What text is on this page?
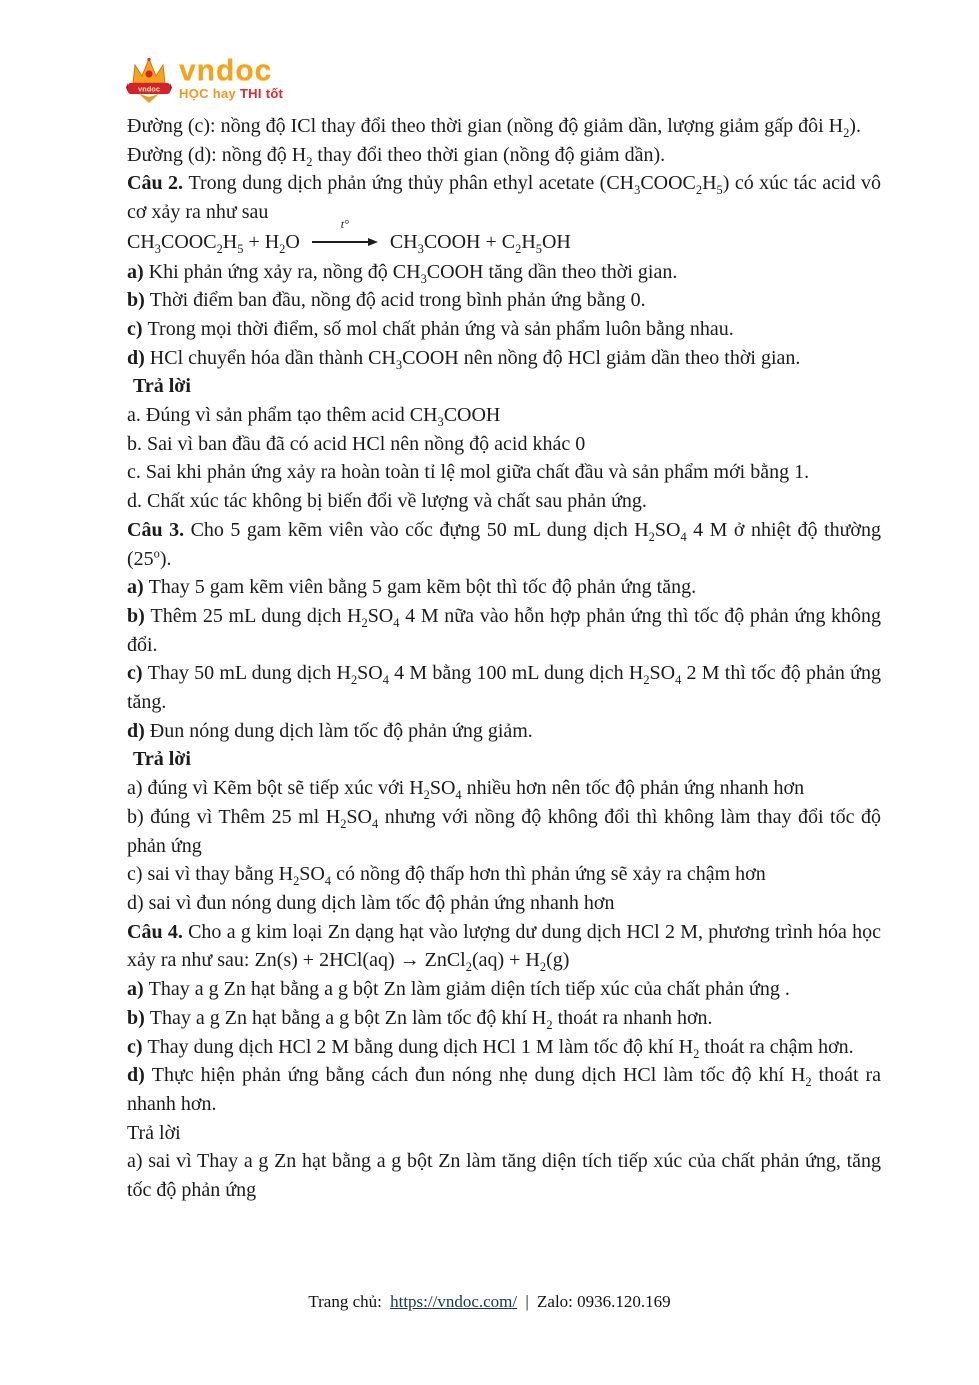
vndoc
vndoc
HỌC hay THI tốt
Đường (c): nồng độ ICl thay đổi theo thời gian (nồng độ giảm dần, lượng giảm gấp đôi $H_2$).
Đường (d): nồng độ $H_2$ thay đổi theo thời gian (nồng độ giảm dần).
Câu 2. Trong dung dịch phản ứng thủy phân ethyl acetate $(CH_3COOC_2H_5)$ có xúc tác acid vô cơ xảy ra như sau
$CH_3COOC_2H_5 + H_2O$
t°
$CH_3COOH + C_2H_5OH$
a) Khi phản ứng xảy ra, nồng độ $CH_3COOH$ tăng dần theo thời gian.
b) Thời điểm ban đầu, nồng độ acid trong bình phản ứng bằng 0.
c) Trong mọi thời điểm, số mol chất phản ứng và sản phẩm luôn bằng nhau.
d) HCl chuyển hóa dần thành $CH_3COOH$ nên nồng độ HCl giảm dần theo thời gian.
Trả lời
a. Đúng vì sản phẩm tạo thêm acid $CH_3COOH$
b. Sai vì ban đầu đã có acid HCl nên nồng độ acid khác 0
c. Sai khi phản ứng xảy ra hoàn toàn tỉ lệ mol giữa chất đầu và sản phẩm mới bằng 1.
d. Chất xúc tác không bị biến đổi về lượng và chất sau phản ứng.
Câu 3. Cho 5 gam kẽm viên vào cốc đựng 50 mL dung dịch $H_2SO_4$ 4 M ở nhiệt độ thường (25$^o$).
a) Thay 5 gam kẽm viên bằng 5 gam kẽm bột thì tốc độ phản ứng tăng.
b) Thêm 25 mL dung dịch $H_2SO_4$ 4 M nữa vào hỗn hợp phản ứng thì tốc độ phản ứng không đổi.
c) Thay 50 mL dung dịch $H_2SO_4$ 4 M bằng 100 mL dung dịch $H_2SO_4$ 2 M thì tốc độ phản ứng tăng.
d) Đun nóng dung dịch làm tốc độ phản ứng giảm.
Trả lời
a) đúng vì Kẽm bột sẽ tiếp xúc với $H_2SO_4$ nhiều hơn nên tốc độ phản ứng nhanh hơn
b) đúng vì Thêm 25 ml $H_2SO_4$ nhưng với nồng độ không đổi thì không làm thay đổi tốc độ phản ứng
c) sai vì thay bằng $H_2SO_4$ có nồng độ thấp hơn thì phản ứng sẽ xảy ra chậm hơn
d) sai vì đun nóng dung dịch làm tốc độ phản ứng nhanh hơn
Câu 4. Cho a g kim loại Zn dạng hạt vào lượng dư dung dịch HCl 2 M, phương trình hóa học xảy ra như sau: Zn(s) + 2HCl(aq) → ZnCl$_2$(aq) + $H_2(g)$
a) Thay a g Zn hạt bằng a g bột Zn làm giảm diện tích tiếp xúc của chất phản ứng .
b) Thay a g Zn hạt bằng a g bột Zn làm tốc độ khí $H_2$ thoát ra nhanh hơn.
c) Thay dung dịch HCl 2 M bằng dung dịch HCl 1 M làm tốc độ khí $H_2$ thoát ra chậm hơn.
d) Thực hiện phản ứng bằng cách đun nóng nhẹ dung dịch HCl làm tốc độ khí $H_2$ thoát ra nhanh hơn.
Trả lời
a) sai vì Thay a g Zn hạt bằng a g bột Zn làm tăng diện tích tiếp xúc của chất phản ứng, tăng tốc độ phản ứng
Trang chủ: https://vndoc.com/ | Zalo: 0936.120.169
